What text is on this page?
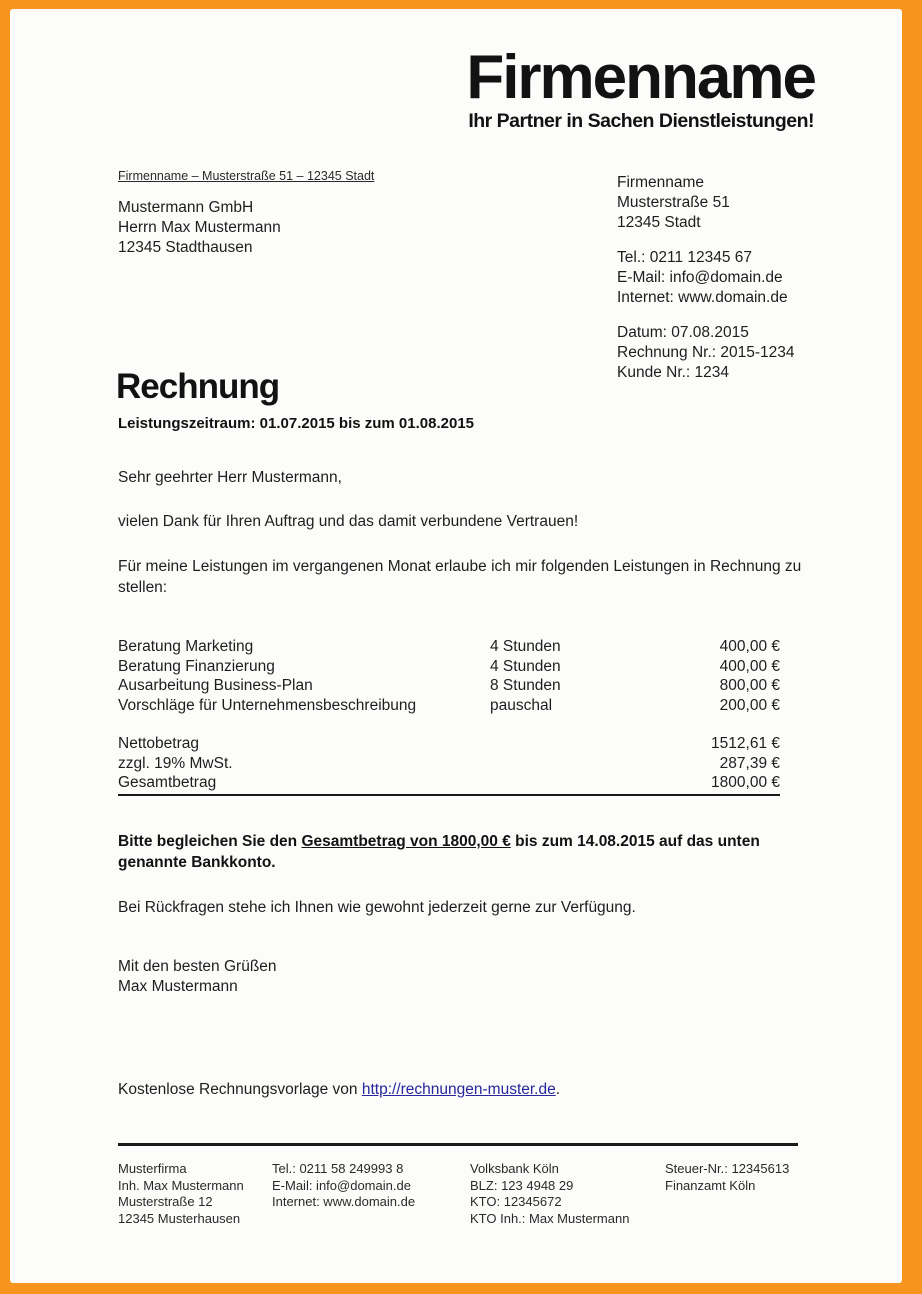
Firmenname
Ihr Partner in Sachen Dienstleistungen!
Firmenname – Musterstraße 51 – 12345 Stadt
Mustermann GmbH
Herrn Max Mustermann
12345 Stadthausen
Firmenname
Musterstraße 51
12345 Stadt
Tel.: 0211 12345 67
E-Mail: info@domain.de
Internet: www.domain.de
Datum: 07.08.2015
Rechnung Nr.: 2015-1234
Kunde Nr.: 1234
Rechnung
Leistungszeitraum: 01.07.2015 bis zum 01.08.2015

Sehr geehrter Herr Mustermann,

vielen Dank für Ihren Auftrag und das damit verbundene Vertrauen!

Für meine Leistungen im vergangenen Monat erlaube ich mir folgenden Leistungen in Rechnung zu stellen:

Beratung Marketing	4 Stunden	400,00 €
Beratung Finanzierung	4 Stunden	400,00 €
Ausarbeitung Business-Plan	8 Stunden	800,00 €
Vorschläge für Unternehmensbeschreibung	pauschal	200,00 €
Nettobetrag	1512,61 €
zzgl. 19% MwSt.	287,39 €
Gesamtbetrag	1800,00 €

Bitte begleichen Sie den Gesamtbetrag von 1800,00 € bis zum 14.08.2015 auf das unten genannte Bankkonto.

Bei Rückfragen stehe ich Ihnen wie gewohnt jederzeit gerne zur Verfügung.

Mit den besten Grüßen
Max Mustermann

Kostenlose Rechnungsvorlage von http://rechnungen-muster.de.
Musterfirma
Inh. Max Mustermann
Musterstraße 12
12345 Musterhausen
Tel.: 0211 58 249993 8
E-Mail: info@domain.de
Internet: www.domain.de
Volksbank Köln
BLZ: 123 4948 29
KTO: 12345672
KTO Inh.: Max Mustermann
Steuer-Nr.: 12345613
Finanzamt Köln
